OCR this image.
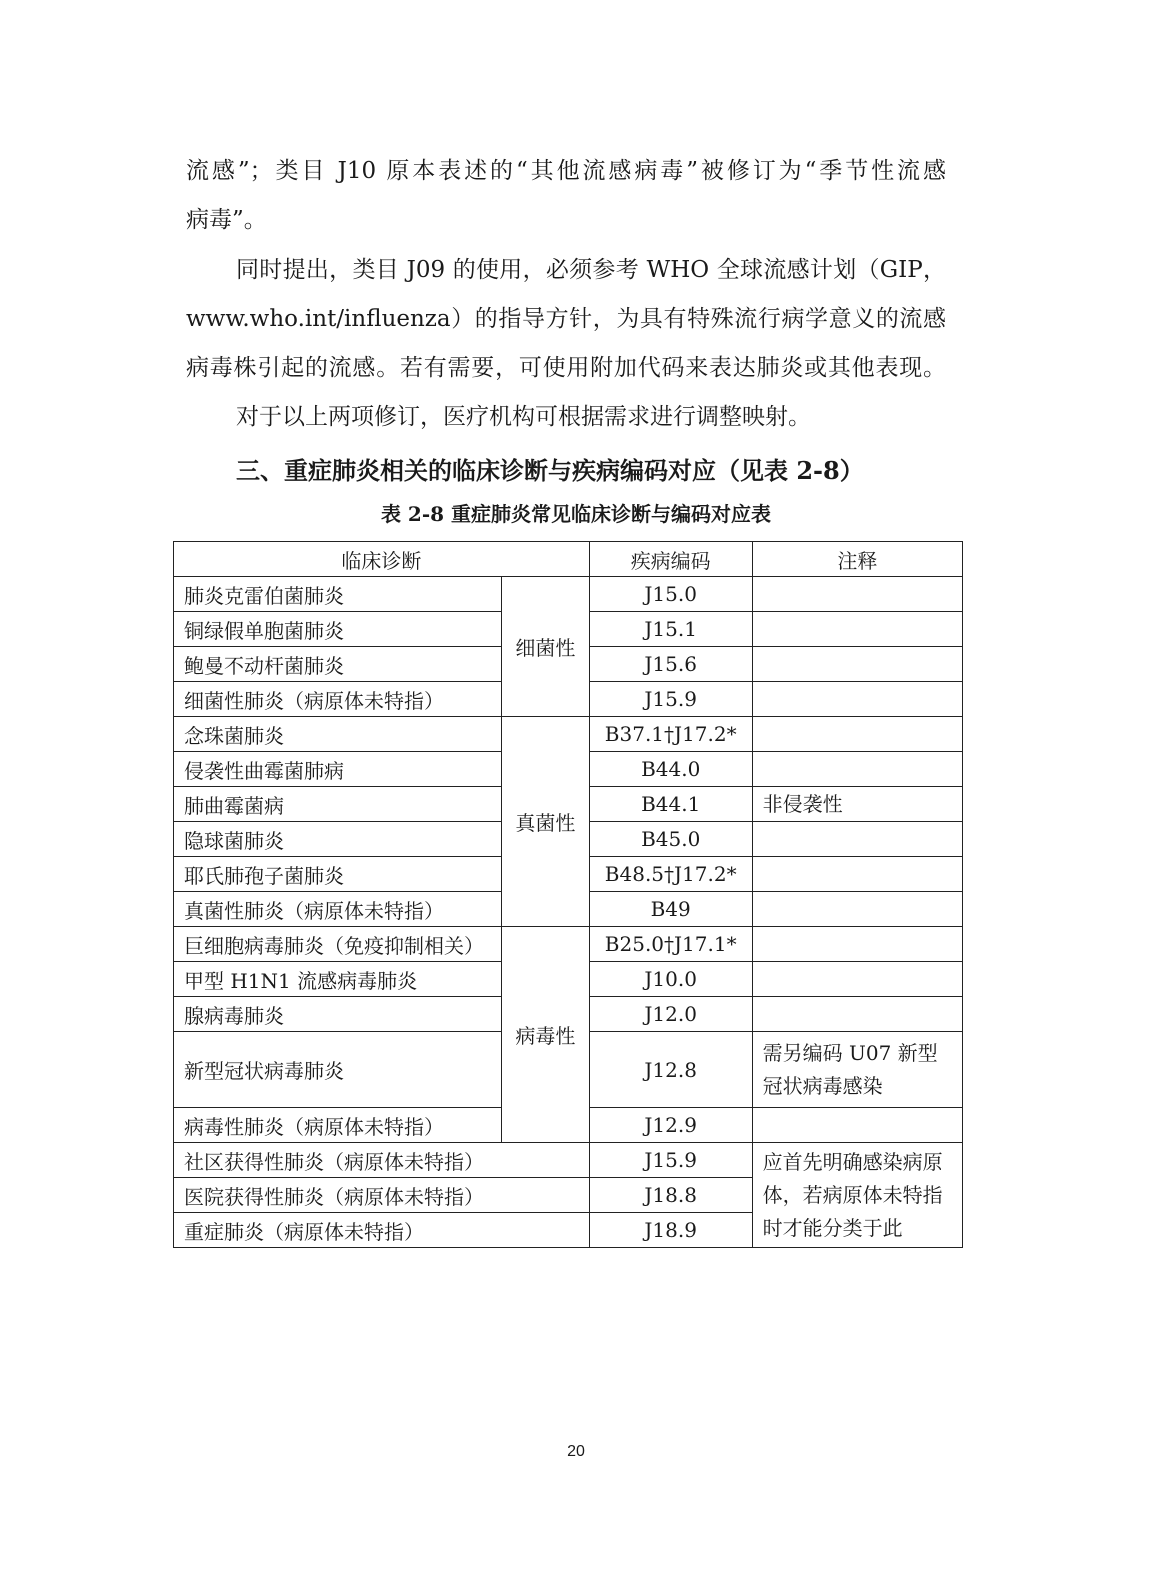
流感”；类目 J10 原本表述的“其他流感病毒”被修订为“季节性流感
病毒”。
同时提出，类目 J09 的使用，必须参考 WHO 全球流感计划（GIP，
www.who.int/influenza）的指导方针，为具有特殊流行病学意义的流感
病毒株引起的流感。若有需要，可使用附加代码来表达肺炎或其他表现。
对于以上两项修订，医疗机构可根据需求进行调整映射。
三、重症肺炎相关的临床诊断与疾病编码对应（见表 2-8）
表 2-8 重症肺炎常见临床诊断与编码对应表
临床诊断		疾病编码	注释
肺炎克雷伯菌肺炎	细菌性	J15.0	
铜绿假单胞菌肺炎		J15.1	
鲍曼不动杆菌肺炎		J15.6	
细菌性肺炎（病原体未特指）		J15.9	
念珠菌肺炎	真菌性	B37.1†J17.2*	
侵袭性曲霉菌肺病		B44.0	
肺曲霉菌病		B44.1	非侵袭性
隐球菌肺炎		B45.0	
耶氏肺孢子菌肺炎		B48.5†J17.2*	
真菌性肺炎（病原体未特指）		B49	
巨细胞病毒肺炎（免疫抑制相关）	病毒性	B25.0†J17.1*	
甲型 H1N1 流感病毒肺炎		J10.0	
腺病毒肺炎		J12.0	
新型冠状病毒肺炎		J12.8	需另编码 U07 新型冠状病毒感染
病毒性肺炎（病原体未特指）		J12.9	
社区获得性肺炎（病原体未特指）		J15.9	应首先明确感染病原体，若病原体未特指时才能分类于此
医院获得性肺炎（病原体未特指）		J18.8	
重症肺炎（病原体未特指）		J18.9	
20
